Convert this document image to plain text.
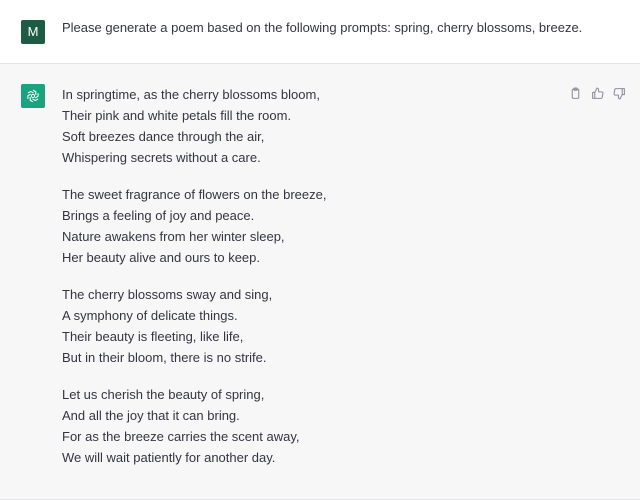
M	Please generate a poem based on the following prompts: spring, cherry blossoms, breeze.
In springtime, as the cherry blossoms bloom,
Their pink and white petals fill the room.
Soft breezes dance through the air,
Whispering secrets without a care.
The sweet fragrance of flowers on the breeze,
Brings a feeling of joy and peace.
Nature awakens from her winter sleep,
Her beauty alive and ours to keep.
The cherry blossoms sway and sing,
A symphony of delicate things.
Their beauty is fleeting, like life,
But in their bloom, there is no strife.
Let us cherish the beauty of spring,
And all the joy that it can bring.
For as the breeze carries the scent away,
We will wait patiently for another day.
